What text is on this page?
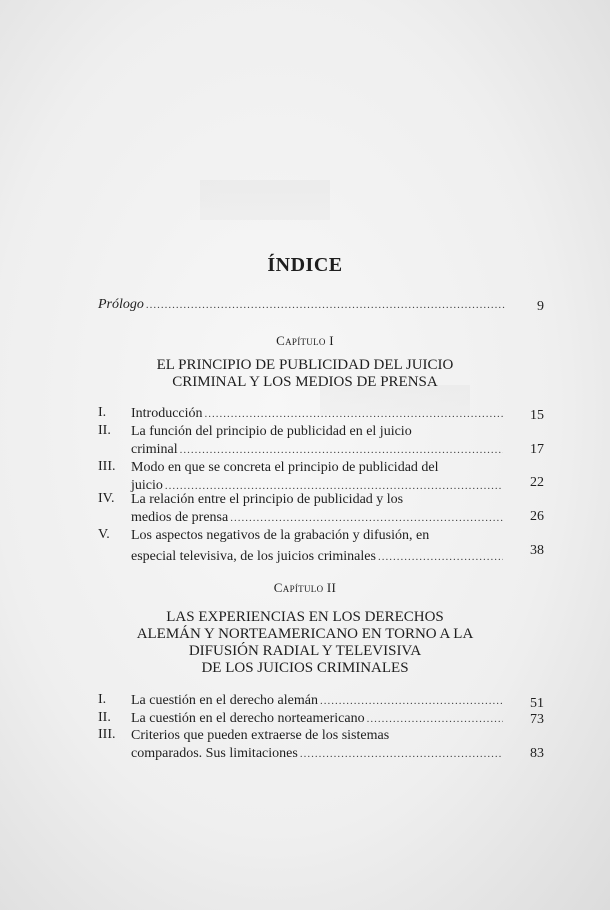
ÍNDICE
Prólogo .....	9
Capítulo I
EL PRINCIPIO DE PUBLICIDAD DEL JUICIO
CRIMINAL Y LOS MEDIOS DE PRENSA
I. Introducción .....	15
II. La función del principio de publicidad en el juicio
criminal .....	17
III. Modo en que se concreta el principio de publicidad del
juicio .....	22
IV. La relación entre el principio de publicidad y los
medios de prensa .....	26
V. Los aspectos negativos de la grabación y difusión, en
especial televisiva, de los juicios criminales .....	38
Capítulo II
LAS EXPERIENCIAS EN LOS DERECHOS
ALEMÁN Y NORTEAMERICANO EN TORNO A LA
DIFUSIÓN RADIAL Y TELEVISIVA
DE LOS JUICIOS CRIMINALES
I. La cuestión en el derecho alemán .....	51
II. La cuestión en el derecho norteamericano .....	73
III. Criterios que pueden extraerse de los sistemas
comparados. Sus limitaciones .....	83
